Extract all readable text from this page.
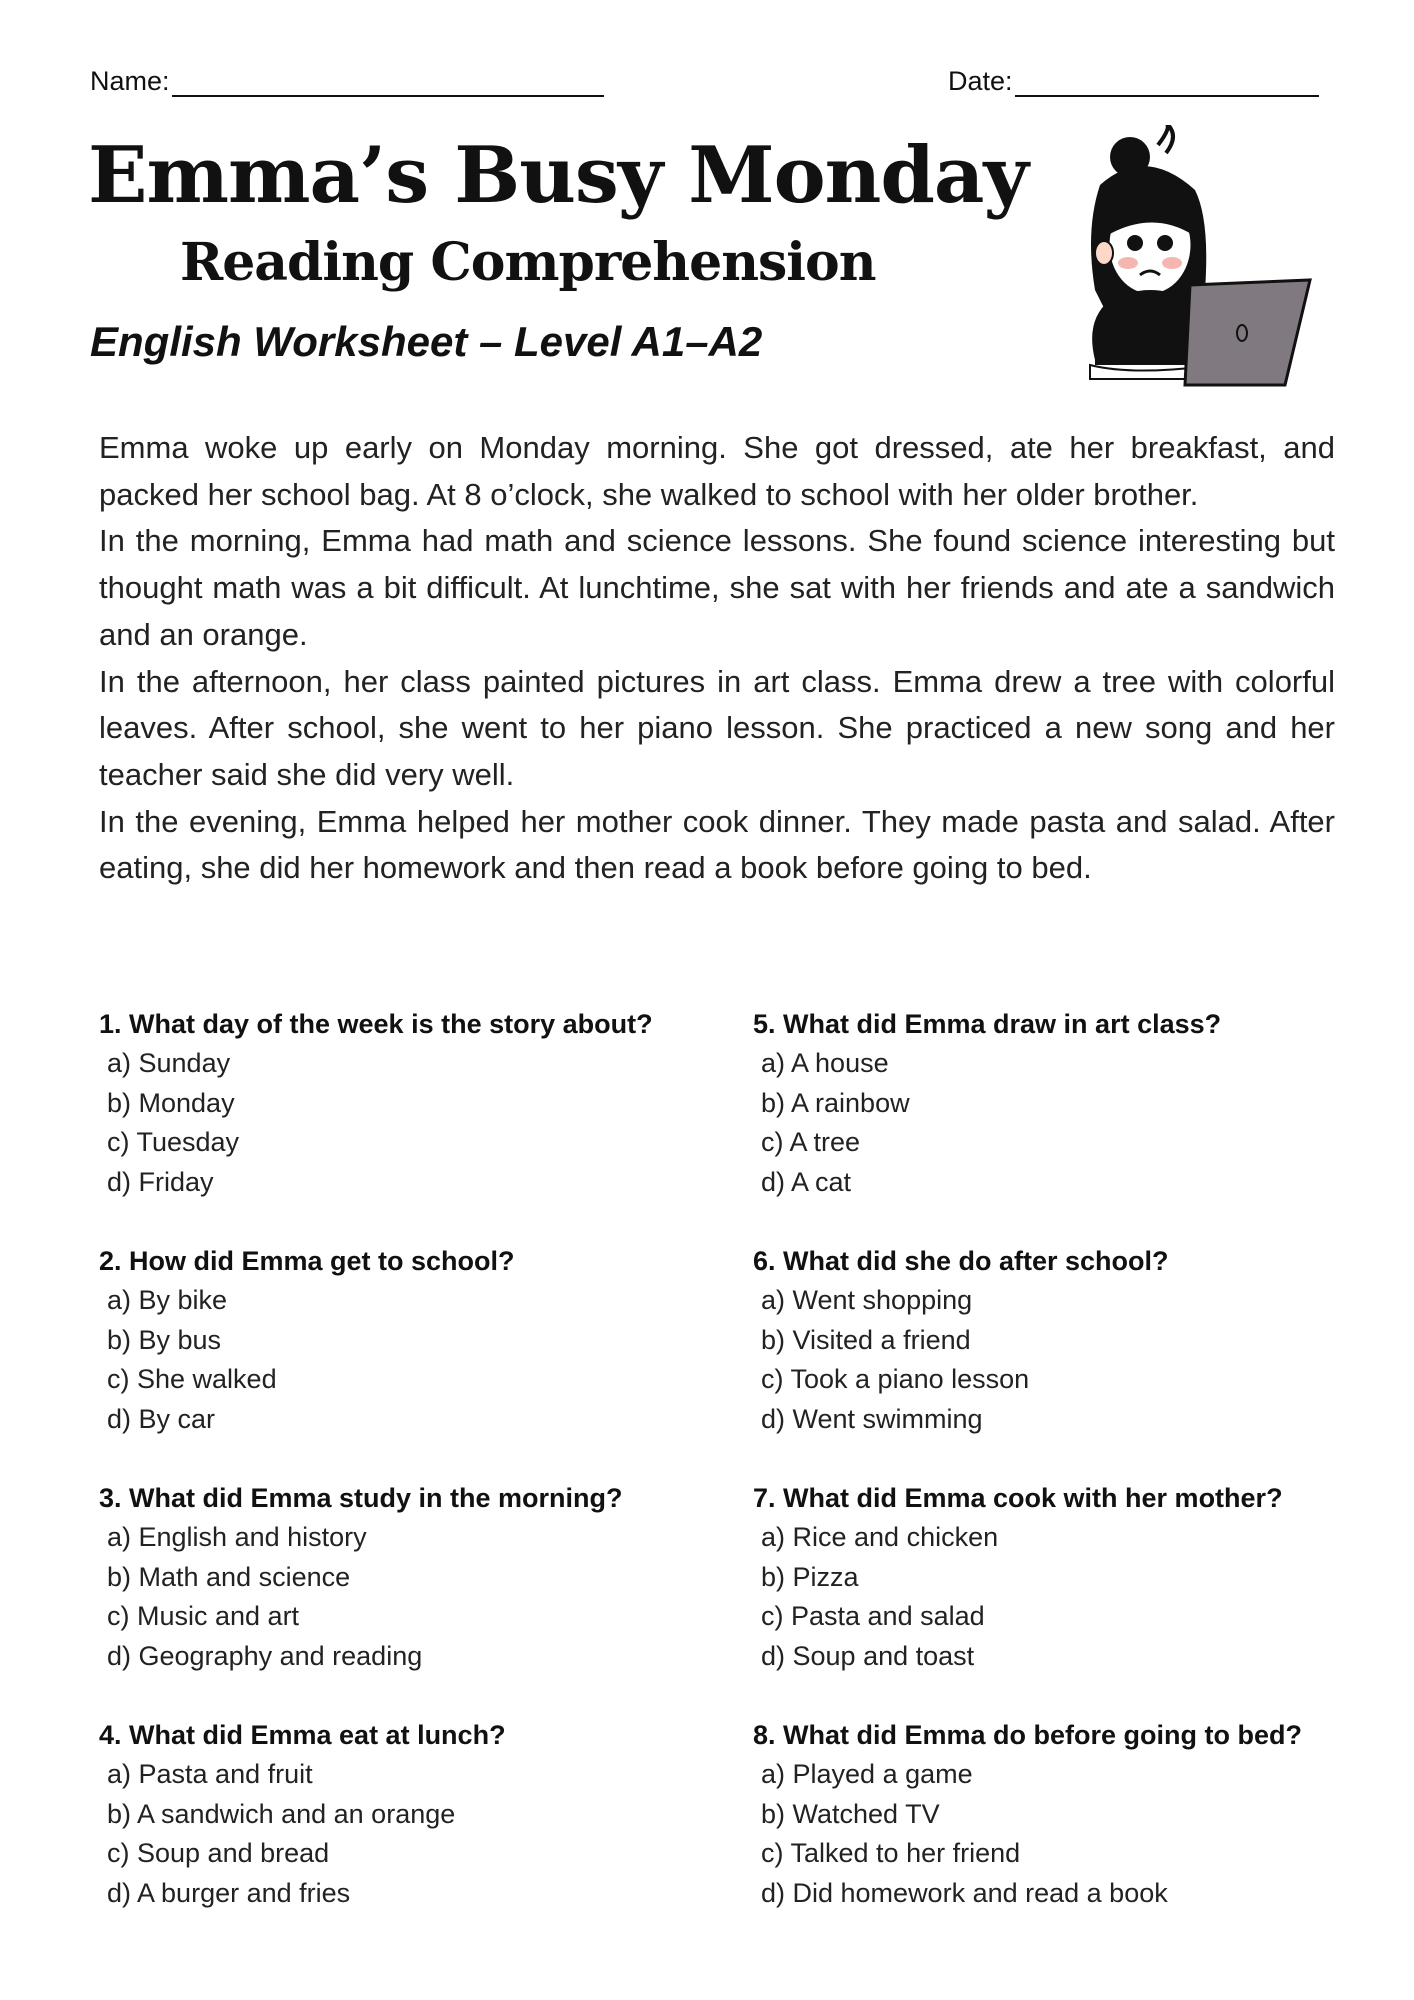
Name:	Date:
Emma’s Busy Monday
Reading Comprehension
English Worksheet – Level A1–A2

Emma woke up early on Monday morning. She got dressed, ate her breakfast, and packed her school bag. At 8 o’clock, she walked to school with her older brother.

In the morning, Emma had math and science lessons. She found science interesting but thought math was a bit difficult. At lunchtime, she sat with her friends and ate a sandwich and an orange.

In the afternoon, her class painted pictures in art class. Emma drew a tree with colorful leaves. After school, she went to her piano lesson. She practiced a new song and her teacher said she did very well.

In the evening, Emma helped her mother cook dinner. They made pasta and salad. After eating, she did her homework and then read a book before going to bed.

1. What day of the week is the story about?
a) Sunday
b) Monday
c) Tuesday
d) Friday
2. How did Emma get to school?
a) By bike
b) By bus
c) She walked
d) By car
3. What did Emma study in the morning?
a) English and history
b) Math and science
c) Music and art
d) Geography and reading
4. What did Emma eat at lunch?
a) Pasta and fruit
b) A sandwich and an orange
c) Soup and bread
d) A burger and fries
5. What did Emma draw in art class?
a) A house
b) A rainbow
c) A tree
d) A cat
6. What did she do after school?
a) Went shopping
b) Visited a friend
c) Took a piano lesson
d) Went swimming
7. What did Emma cook with her mother?
a) Rice and chicken
b) Pizza
c) Pasta and salad
d) Soup and toast
8. What did Emma do before going to bed?
a) Played a game
b) Watched TV
c) Talked to her friend
d) Did homework and read a book
